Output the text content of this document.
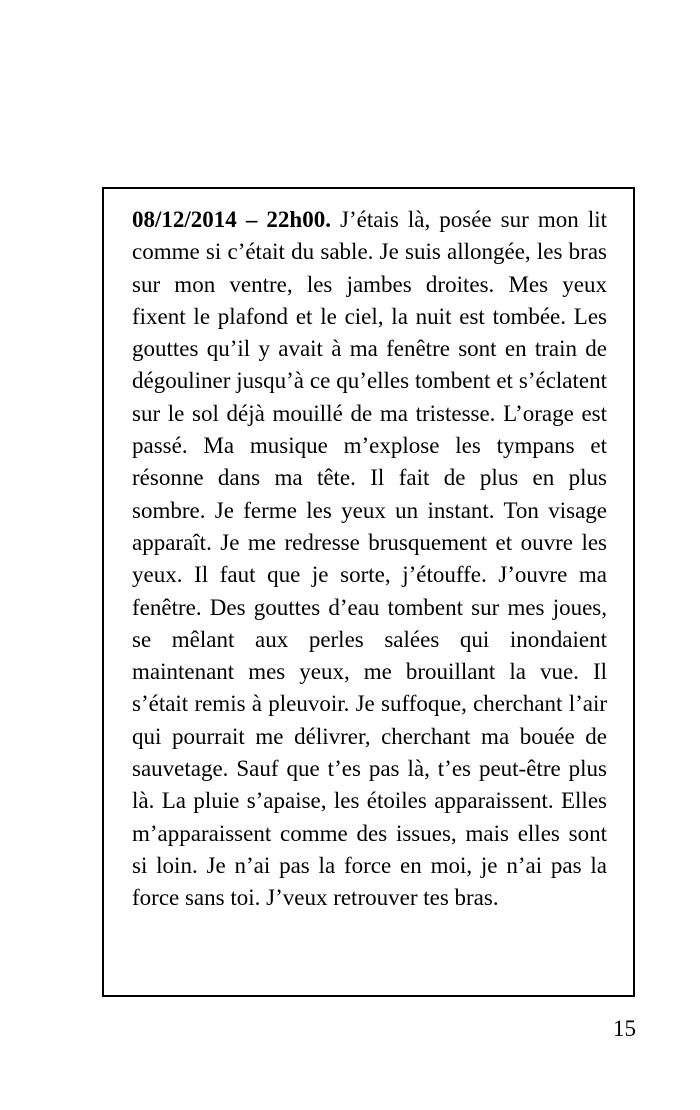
08/12/2014 – 22h00. J’étais là, posée sur mon lit comme si c’était du sable. Je suis allongée, les bras sur mon ventre, les jambes droites. Mes yeux fixent le plafond et le ciel, la nuit est tombée. Les gouttes qu’il y avait à ma fenêtre sont en train de dégouliner jusqu’à ce qu’elles tombent et s’éclatent sur le sol déjà mouillé de ma tristesse. L’orage est passé. Ma musique m’explose les tympans et résonne dans ma tête. Il fait de plus en plus sombre. Je ferme les yeux un instant. Ton visage apparaît. Je me redresse brusquement et ouvre les yeux. Il faut que je sorte, j’étouffe. J’ouvre ma fenêtre. Des gouttes d’eau tombent sur mes joues, se mêlant aux perles salées qui inondaient maintenant mes yeux, me brouillant la vue. Il s’était remis à pleuvoir. Je suffoque, cherchant l’air qui pourrait me délivrer, cherchant ma bouée de sauvetage. Sauf que t’es pas là, t’es peut-être plus là. La pluie s’apaise, les étoiles apparaissent. Elles m’apparaissent comme des issues, mais elles sont si loin. Je n’ai pas la force en moi, je n’ai pas la force sans toi. J’veux retrouver tes bras.

15
